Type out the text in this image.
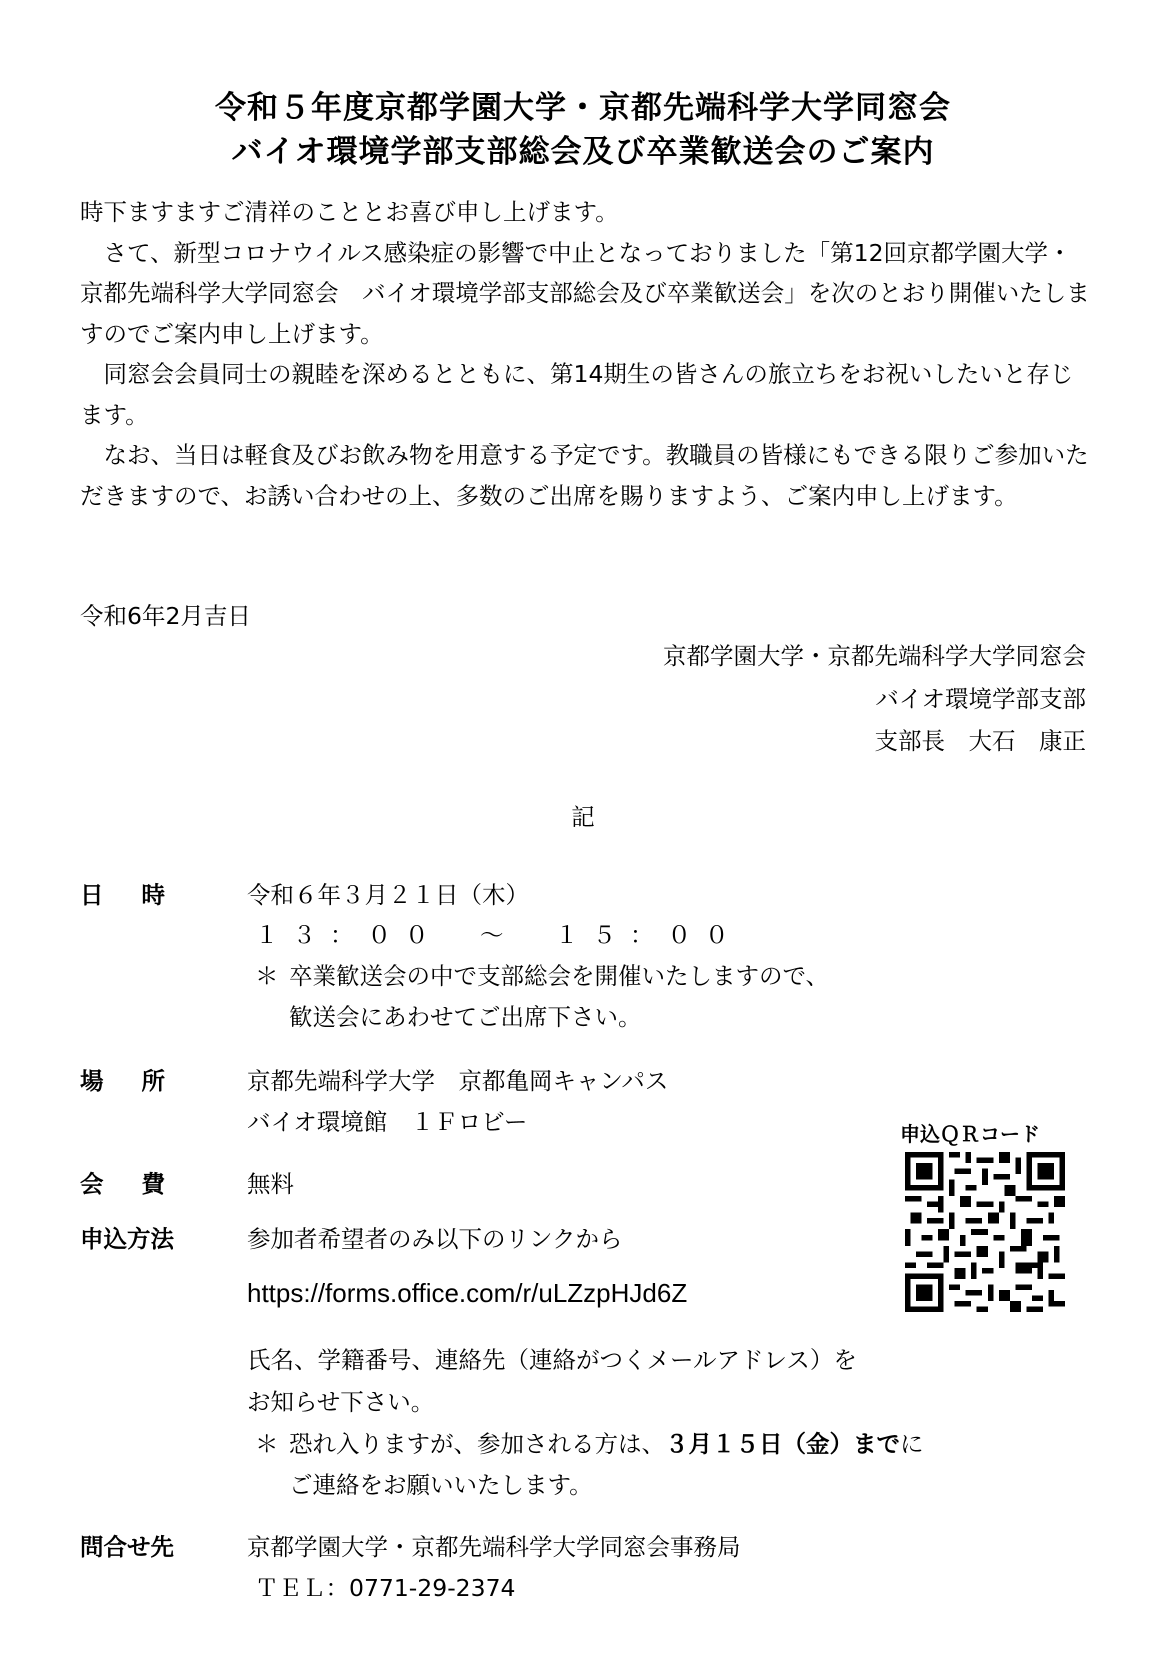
令和５年度京都学園大学・京都先端科学大学同窓会
バイオ環境学部支部総会及び卒業歓送会のご案内

時下ますますご清祥のこととお喜び申し上げます。

　さて、新型コロナウイルス感染症の影響で中止となっておりました「第12回京都学園大学・京都先端科学大学同窓会　バイオ環境学部支部総会及び卒業歓送会」を次のとおり開催いたしますのでご案内申し上げます。

　同窓会会員同士の親睦を深めるとともに、第14期生の皆さんの旅立ちをお祝いしたいと存じます。

　なお、当日は軽食及びお飲み物を用意する予定です。教職員の皆様にもできる限りご参加いただきますので、お誘い合わせの上、多数のご出席を賜りますよう、ご案内申し上げます。

令和6年2月吉日
京都学園大学・京都先端科学大学同窓会
バイオ環境学部支部
支部長　大石　康正
記
日時 令和６年３月２１日（木）
１３：００　～　１５：００
＊ 卒業歓送会の中で支部総会を開催いたしますので、
歓送会にあわせてご出席下さい。
場所 京都先端科学大学　京都亀岡キャンパス
バイオ環境館　１Ｆロビー
会費 無料
申込方法	参加者希望者のみ以下のリンクから
https://forms.office.com/r/uLZzpHJd6Z
氏名、学籍番号、連絡先（連絡がつくメールアドレス）を
お知らせ下さい。
＊ 恐れ入りますが、参加される方は、３月１５日（金）までに
ご連絡をお願いいたします。
問合せ先	京都学園大学・京都先端科学大学同窓会事務局
ＴＥＬ：0771-29-2374
申込ＱＲコード
